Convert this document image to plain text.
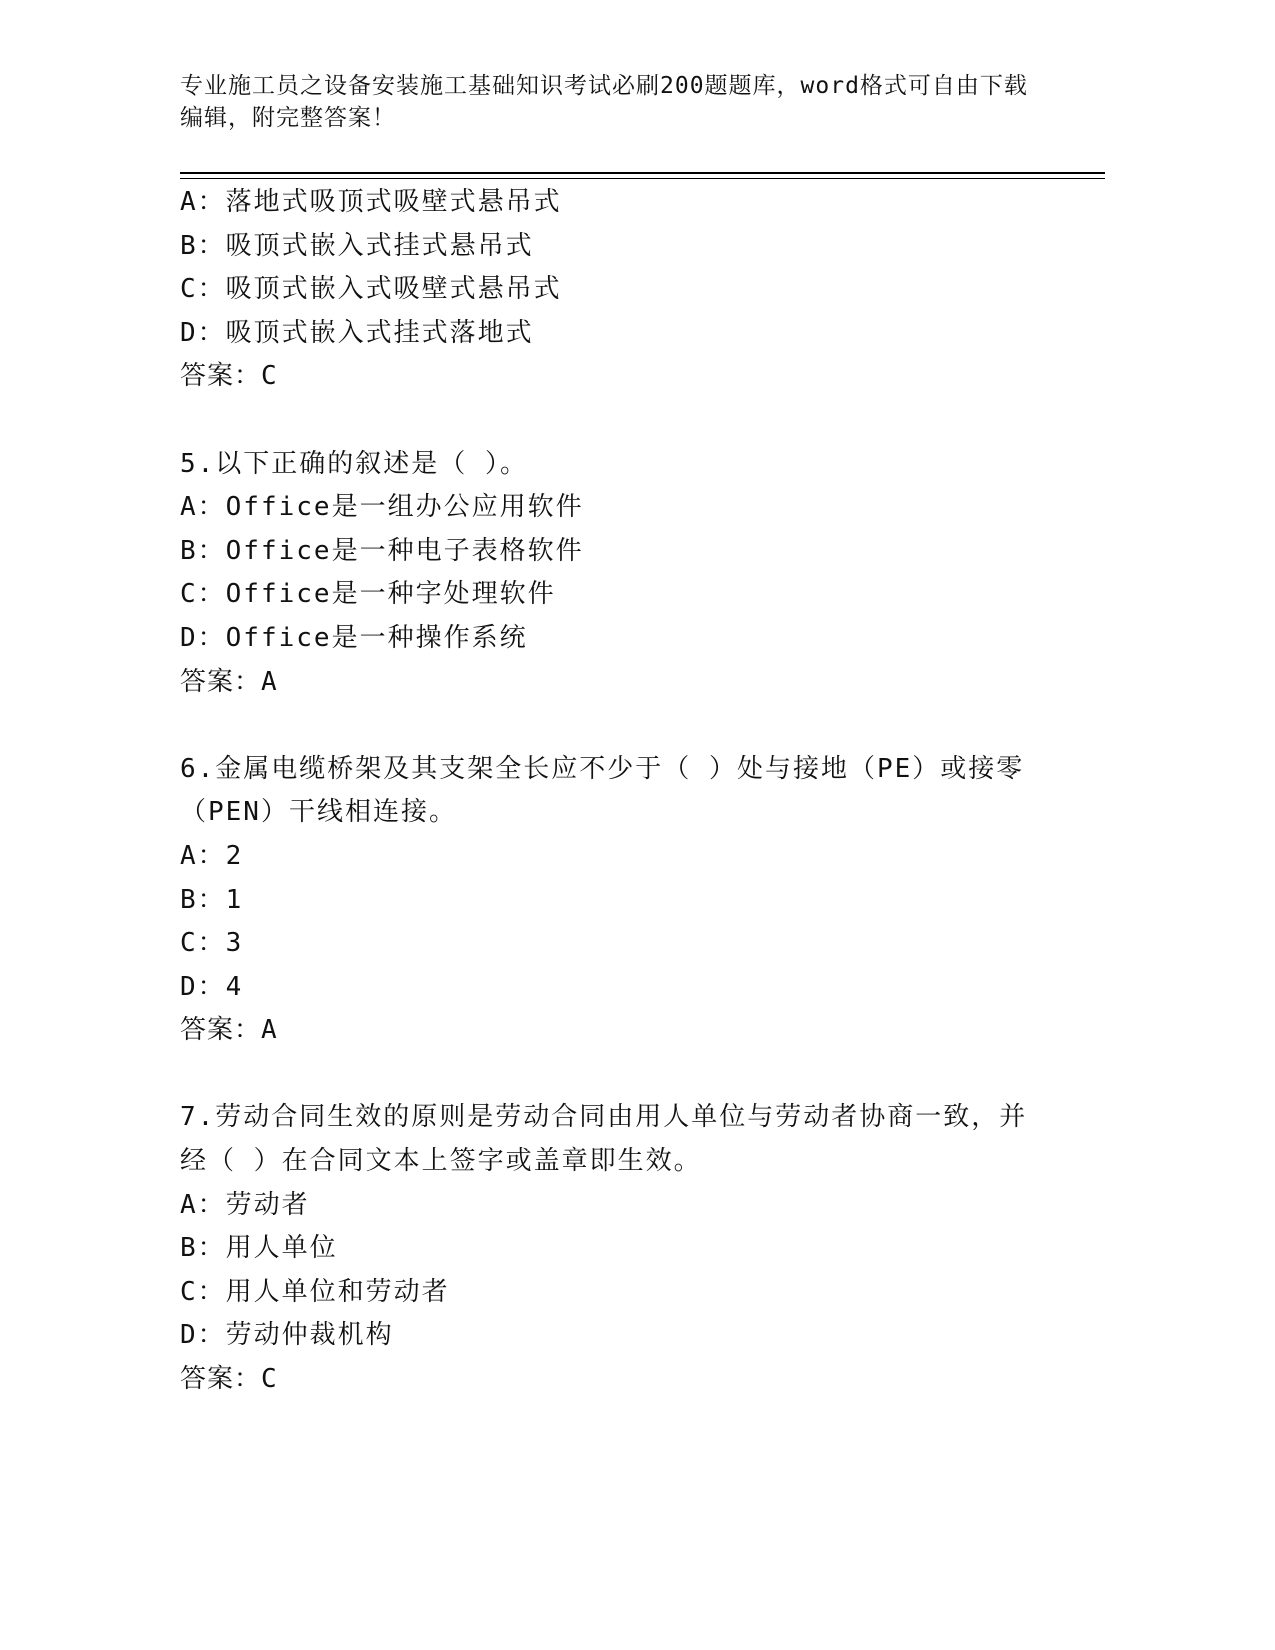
专业施工员之设备安装施工基础知识考试必刷200题题库，word格式可自由下载编辑，附完整答案！
A：落地式吸顶式吸壁式悬吊式
B：吸顶式嵌入式挂式悬吊式
C：吸顶式嵌入式吸壁式悬吊式
D：吸顶式嵌入式挂式落地式
答案：C
5.以下正确的叙述是（ ）。
A：Office是一组办公应用软件
B：Office是一种电子表格软件
C：Office是一种字处理软件
D：Office是一种操作系统
答案：A
6.金属电缆桥架及其支架全长应不少于（ ）处与接地（PE）或接零（PEN）干线相连接。
A：2
B：1
C：3
D：4
答案：A
7.劳动合同生效的原则是劳动合同由用人单位与劳动者协商一致，并经（ ）在合同文本上签字或盖章即生效。
A：劳动者
B：用人单位
C：用人单位和劳动者
D：劳动仲裁机构
答案：C
